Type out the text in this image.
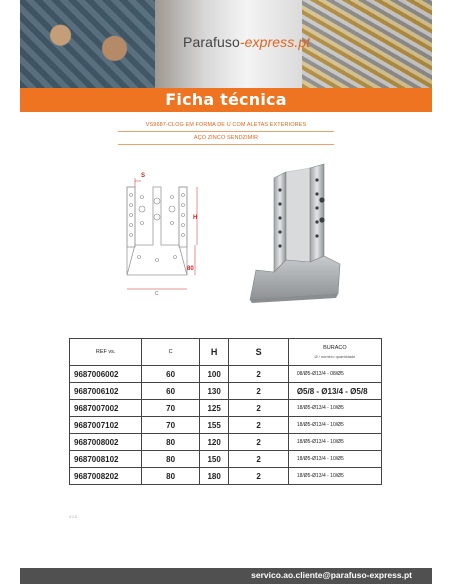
Parafuso-express.pt
Ficha técnica
VS9687-CLOG EM FORMA DE U COM ALETAS EXTERIORES
AÇO ZINCO SENDZIMIR
S
H
80
C
REF vs.	C	H	S	BURACO
Ø / número quantidade

9687006002	60	100	2	08/Ø5-Ø13/4 - 08/Ø5
9687006102	60	130	2	Ø5/8 - Ø13/4 - Ø5/8
9687007002	70	125	2	18/Ø5-Ø13/4 - 10/Ø5
9687007102	70	155	2	18/Ø5-Ø13/4 - 10/Ø5
9687008002	80	120	2	18/Ø5-Ø13/4 - 10/Ø5
9687008102	80	150	2	18/Ø5-Ø13/4 - 10/Ø5
9687008202	80	180	2	18/Ø5-Ø13/4 - 10/Ø5
V.1.0
servico.ao.cliente@parafuso-express.pt
